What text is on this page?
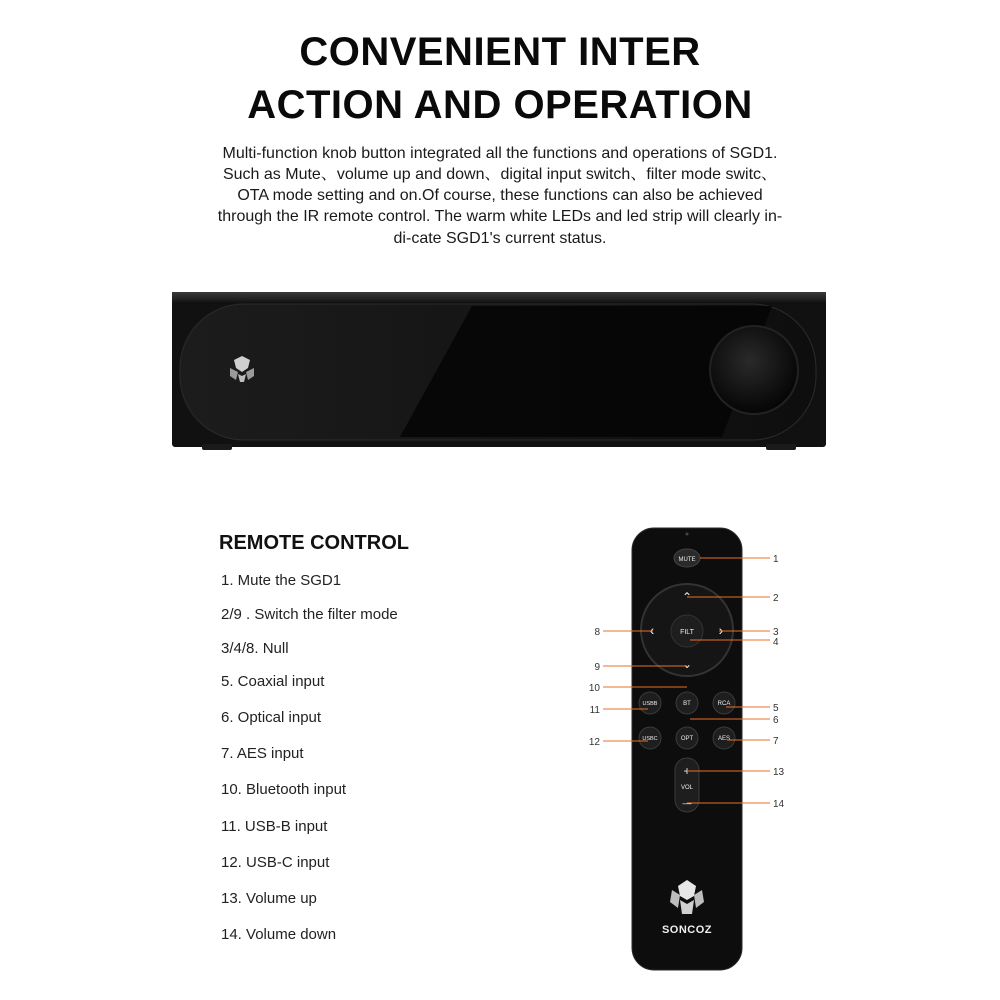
CONVENIENT INTER
ACTION AND OPERATION
Multi-function knob button integrated all the functions and operations of SGD1.
Such as Mute、volume up and down、digital input switch、filter mode switc、
OTA mode setting and on.Of course, these functions can also be achieved
through the IR remote control. The warm white LEDs and led strip will clearly in-
di-cate SGD1's current status.
REMOTE CONTROL
1. Mute the SGD1
2/9 . Switch the filter mode
3/4/8. Null
5. Coaxial input
6. Optical input
7. AES input
10. Bluetooth input
11. USB-B input
12. USB-C input
13. Volume up
14. Volume down
MUTE
⌃
‹	›
⌄
FILT
USBB	BT	RCA
USBC	OPT	AES
+
VOL
—
SONCOZ
1
2
3
4
5
6
7
13
14
8
9
10
11
12
